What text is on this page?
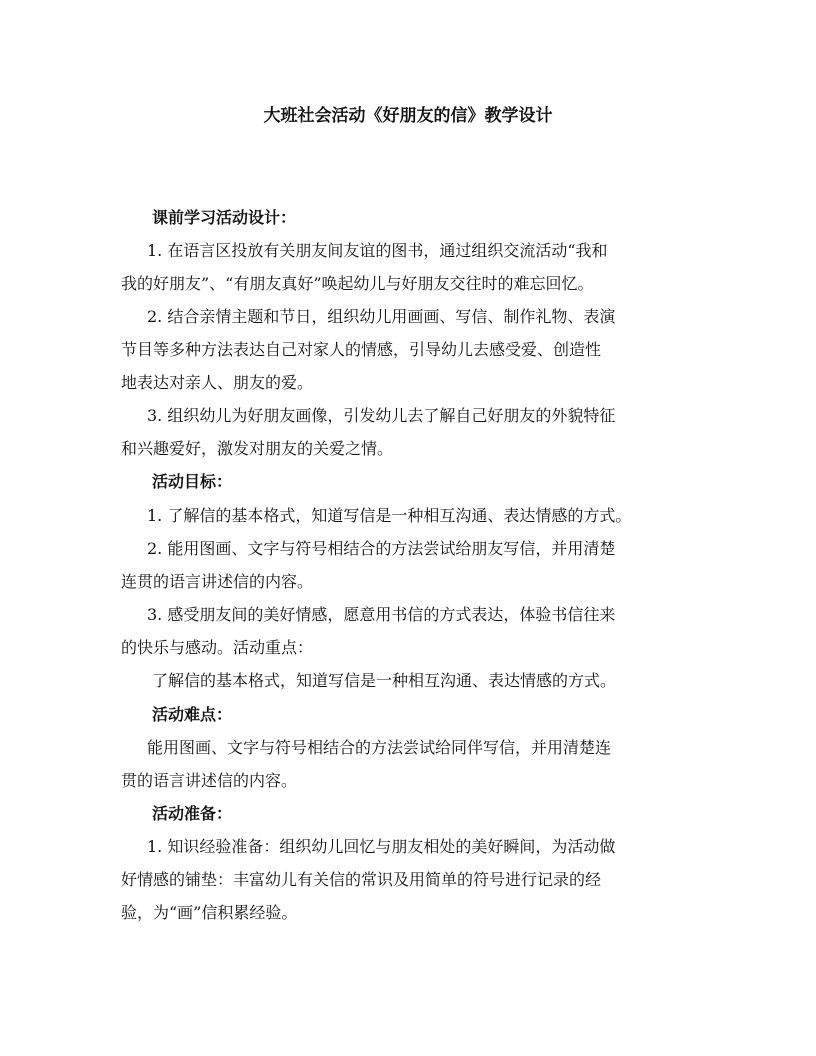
大班社会活动《好朋友的信》教学设计
课前学习活动设计：
1. 在语言区投放有关朋友间友谊的图书，通过组织交流活动“我和
我的好朋友”、“有朋友真好”唤起幼儿与好朋友交往时的难忘回忆。
2. 结合亲情主题和节日，组织幼儿用画画、写信、制作礼物、表演
节目等多种方法表达自己对家人的情感，引导幼儿去感受爱、创造性
地表达对亲人、朋友的爱。
3. 组织幼儿为好朋友画像，引发幼儿去了解自己好朋友的外貌特征
和兴趣爱好，激发对朋友的关爱之情。
活动目标：
1. 了解信的基本格式，知道写信是一种相互沟通、表达情感的方式。
2. 能用图画、文字与符号相结合的方法尝试给朋友写信，并用清楚
连贯的语言讲述信的内容。
3. 感受朋友间的美好情感，愿意用书信的方式表达，体验书信往来
的快乐与感动。活动重点：
了解信的基本格式，知道写信是一种相互沟通、表达情感的方式。
活动难点：
能用图画、文字与符号相结合的方法尝试给同伴写信，并用清楚连
贯的语言讲述信的内容。
活动准备：
1. 知识经验准备：组织幼儿回忆与朋友相处的美好瞬间，为活动做
好情感的铺垫：丰富幼儿有关信的常识及用简单的符号进行记录的经
验，为“画”信积累经验。
